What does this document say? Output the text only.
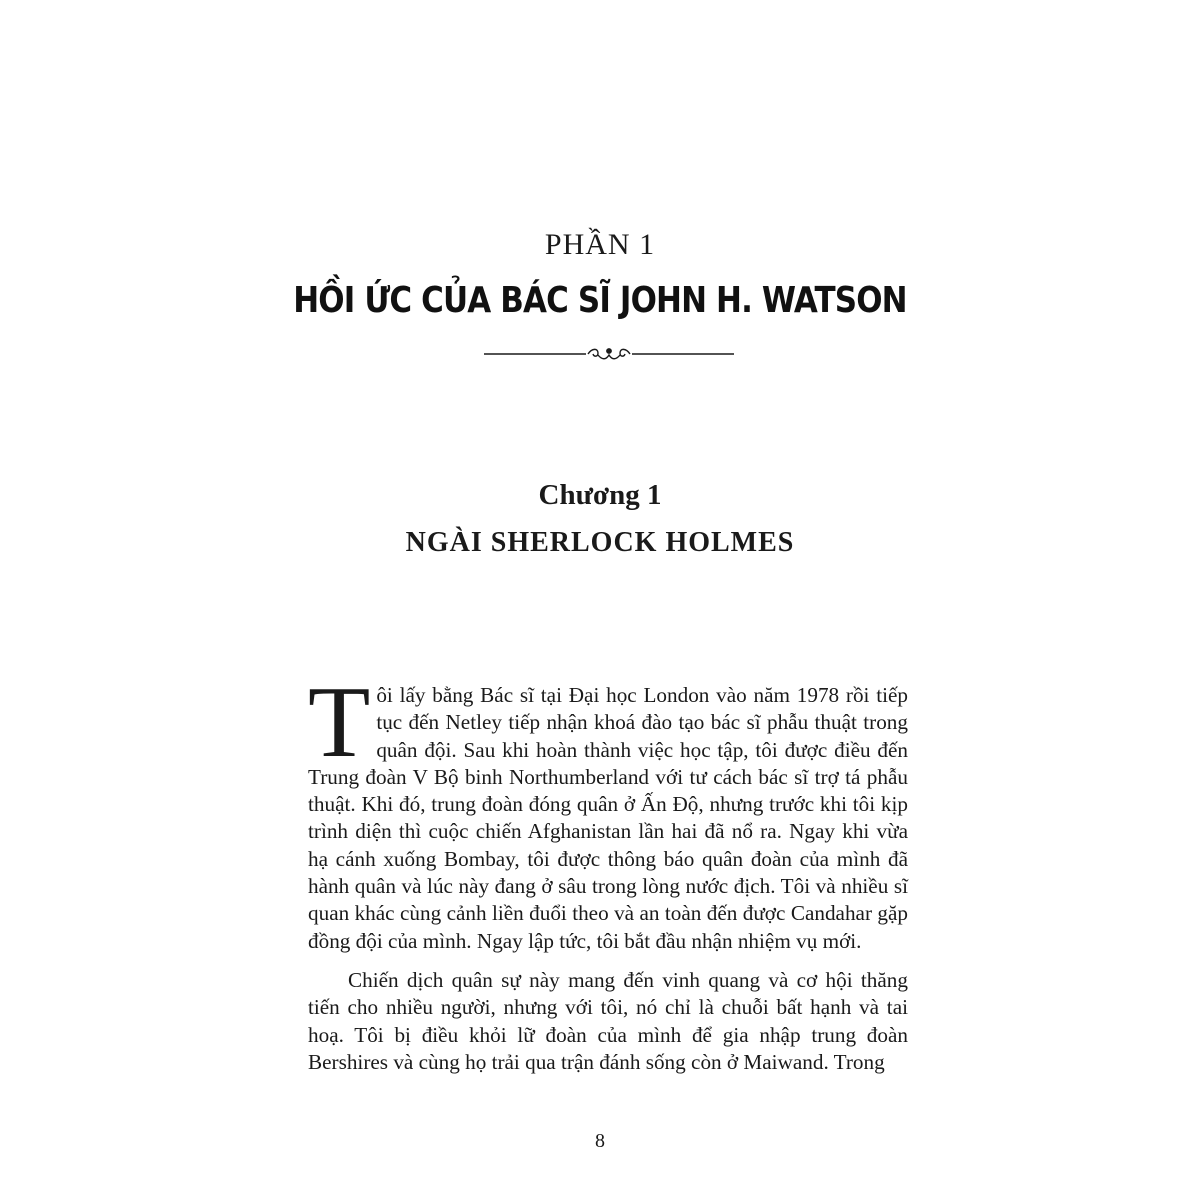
PHẦN 1
HỒI ỨC CỦA BÁC SĨ JOHN H. WATSON
Chương 1
NGÀI SHERLOCK HOLMES

Tôi lấy bằng Bác sĩ tại Đại học London vào năm 1978 rồi tiếp tục đến Netley tiếp nhận khoá đào tạo bác sĩ phẫu thuật trong quân đội. Sau khi hoàn thành việc học tập, tôi được điều đến Trung đoàn V Bộ binh Northumberland với tư cách bác sĩ trợ tá phẫu thuật. Khi đó, trung đoàn đóng quân ở Ấn Độ, nhưng trước khi tôi kịp trình diện thì cuộc chiến Afghanistan lần hai đã nổ ra. Ngay khi vừa hạ cánh xuống Bombay, tôi được thông báo quân đoàn của mình đã hành quân và lúc này đang ở sâu trong lòng nước địch. Tôi và nhiều sĩ quan khác cùng cảnh liền đuổi theo và an toàn đến được Candahar gặp đồng đội của mình. Ngay lập tức, tôi bắt đầu nhận nhiệm vụ mới.

Chiến dịch quân sự này mang đến vinh quang và cơ hội thăng tiến cho nhiều người, nhưng với tôi, nó chỉ là chuỗi bất hạnh và tai hoạ. Tôi bị điều khỏi lữ đoàn của mình để gia nhập trung đoàn Bershires và cùng họ trải qua trận đánh sống còn ở Maiwand. Trong

8
